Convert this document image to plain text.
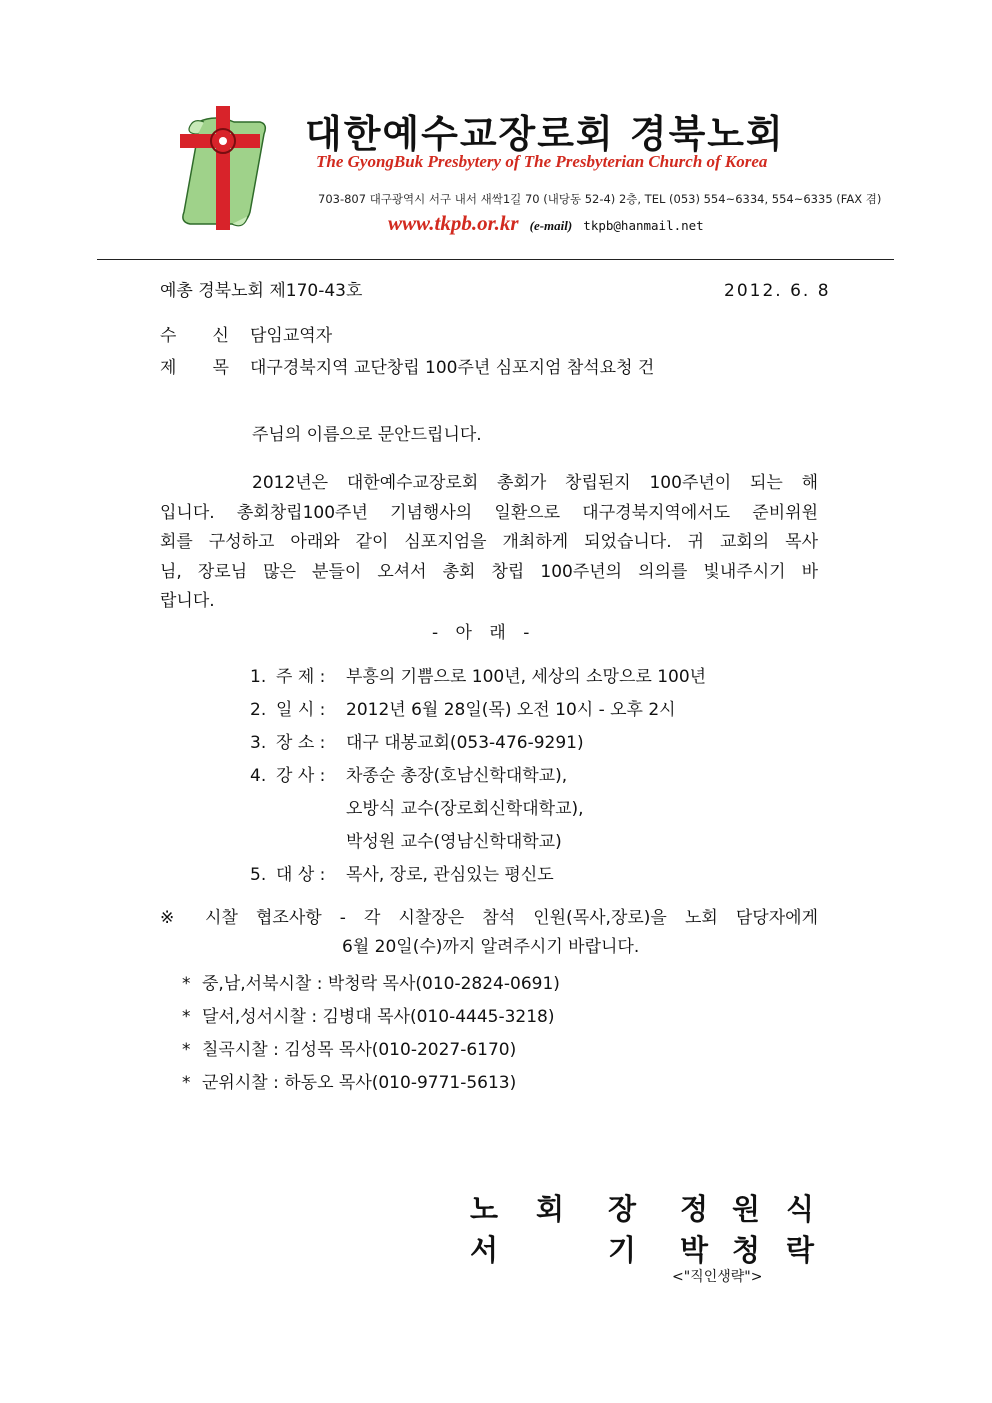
대한예수교장로회 경북노회
The GyongBuk Presbytery of The Presbyterian Church of Korea
703-807 대구광역시 서구 내서 새싹1길 70 (내당동 52-4) 2층, TEL (053) 554~6334, 554~6335 (FAX 겸)
www.tkpb.or.kr (e-mail) tkpb@hanmail.net
예총 경북노회 제170-43호	2012. 6. 8
수 신 담임교역자
제 목 대구경북지역 교단창립 100주년 심포지엄 참석요청 건
주님의 이름으로 문안드립니다.
2012년은 대한예수교장로회 총회가 창립된지 100주년이 되는 해
입니다. 총회창립100주년 기념행사의 일환으로 대구경북지역에서도 준비위원
회를 구성하고 아래와 같이 심포지엄을 개최하게 되었습니다. 귀 교회의 목사
님, 장로님 많은 분들이 오셔서 총회 창립 100주년의 의의를 빛내주시기 바
랍니다.
- 아 래 -
1. 주 제 : 부흥의 기쁨으로 100년, 세상의 소망으로 100년
2. 일 시 : 2012년 6월 28일(목) 오전 10시 - 오후 2시
3. 장 소 : 대구 대봉교회(053-476-9291)
4. 강 사 : 차종순 총장(호남신학대학교),
오방식 교수(장로회신학대학교),
박성원 교수(영남신학대학교)
5. 대 상 : 목사, 장로, 관심있는 평신도
※ 시찰 협조사항 - 각 시찰장은 참석 인원(목사,장로)을 노회 담당자에게
6월 20일(수)까지 알려주시기 바랍니다.
* 중,남,서북시찰 : 박청락 목사(010-2824-0691)
* 달서,성서시찰 : 김병대 목사(010-4445-3218)
* 칠곡시찰 : 김성목 목사(010-2027-6170)
* 군위시찰 : 하동오 목사(010-9771-5613)
노 회 장 정 원 식
서	기 박 청 락
<"직인생략">
